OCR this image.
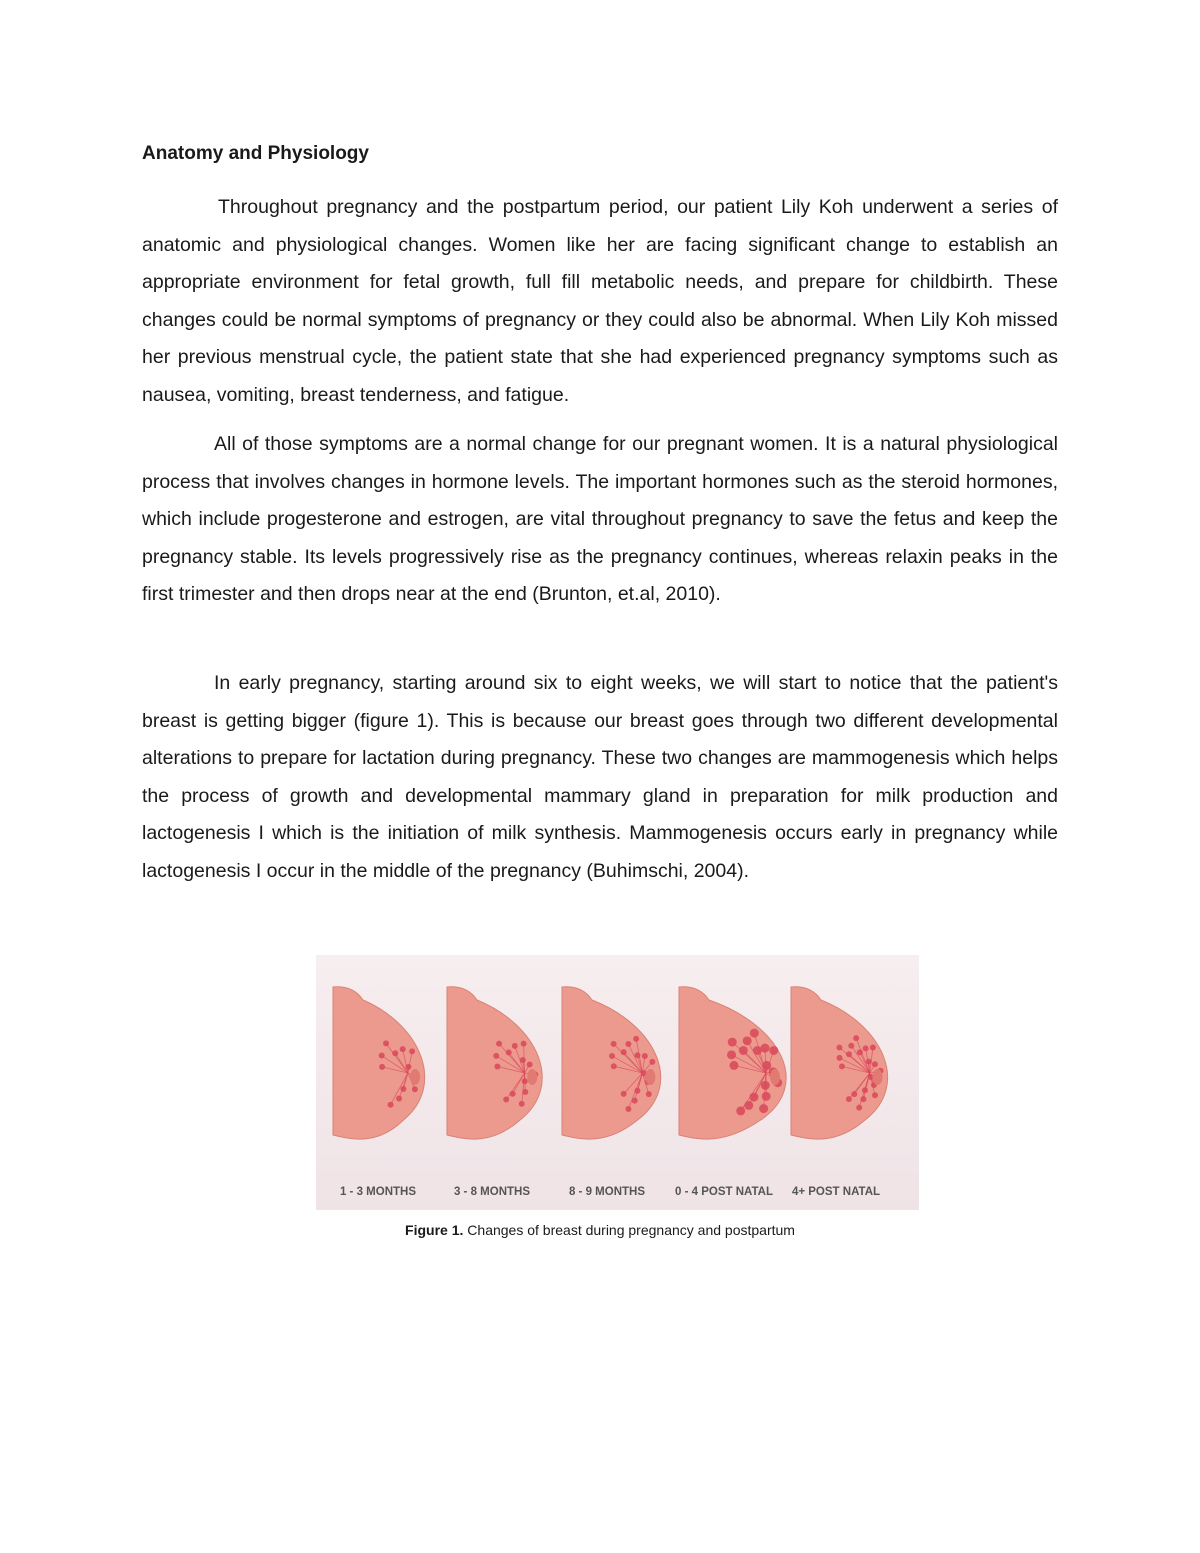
Anatomy and Physiology

Throughout pregnancy and the postpartum period, our patient Lily Koh underwent a series of anatomic and physiological changes. Women like her are facing significant change to establish an appropriate environment for fetal growth, full fill metabolic needs, and prepare for childbirth. These changes could be normal symptoms of pregnancy or they could also be abnormal. When Lily Koh missed her previous menstrual cycle, the patient state that she had experienced pregnancy symptoms such as nausea, vomiting, breast tenderness, and fatigue.

All of those symptoms are a normal change for our pregnant women. It is a natural physiological process that involves changes in hormone levels. The important hormones such as the steroid hormones, which include progesterone and estrogen, are vital throughout pregnancy to save the fetus and keep the pregnancy stable. Its levels progressively rise as the pregnancy continues, whereas relaxin peaks in the first trimester and then drops near at the end (Brunton, et.al, 2010).

In early pregnancy, starting around six to eight weeks, we will start to notice that the patient's breast is getting bigger (figure 1). This is because our breast goes through two different developmental alterations to prepare for lactation during pregnancy. These two changes are mammogenesis which helps the process of growth and developmental mammary gland in preparation for milk production and lactogenesis I which is the initiation of milk synthesis. Mammogenesis occurs early in pregnancy while lactogenesis I occur in the middle of the pregnancy (Buhimschi, 2004).

1 - 3 MONTHS	3 - 8 MONTHS	8 - 9 MONTHS	0 - 4 POST NATAL 4+ POST NATAL

Figure 1. Changes of breast during pregnancy and postpartum
